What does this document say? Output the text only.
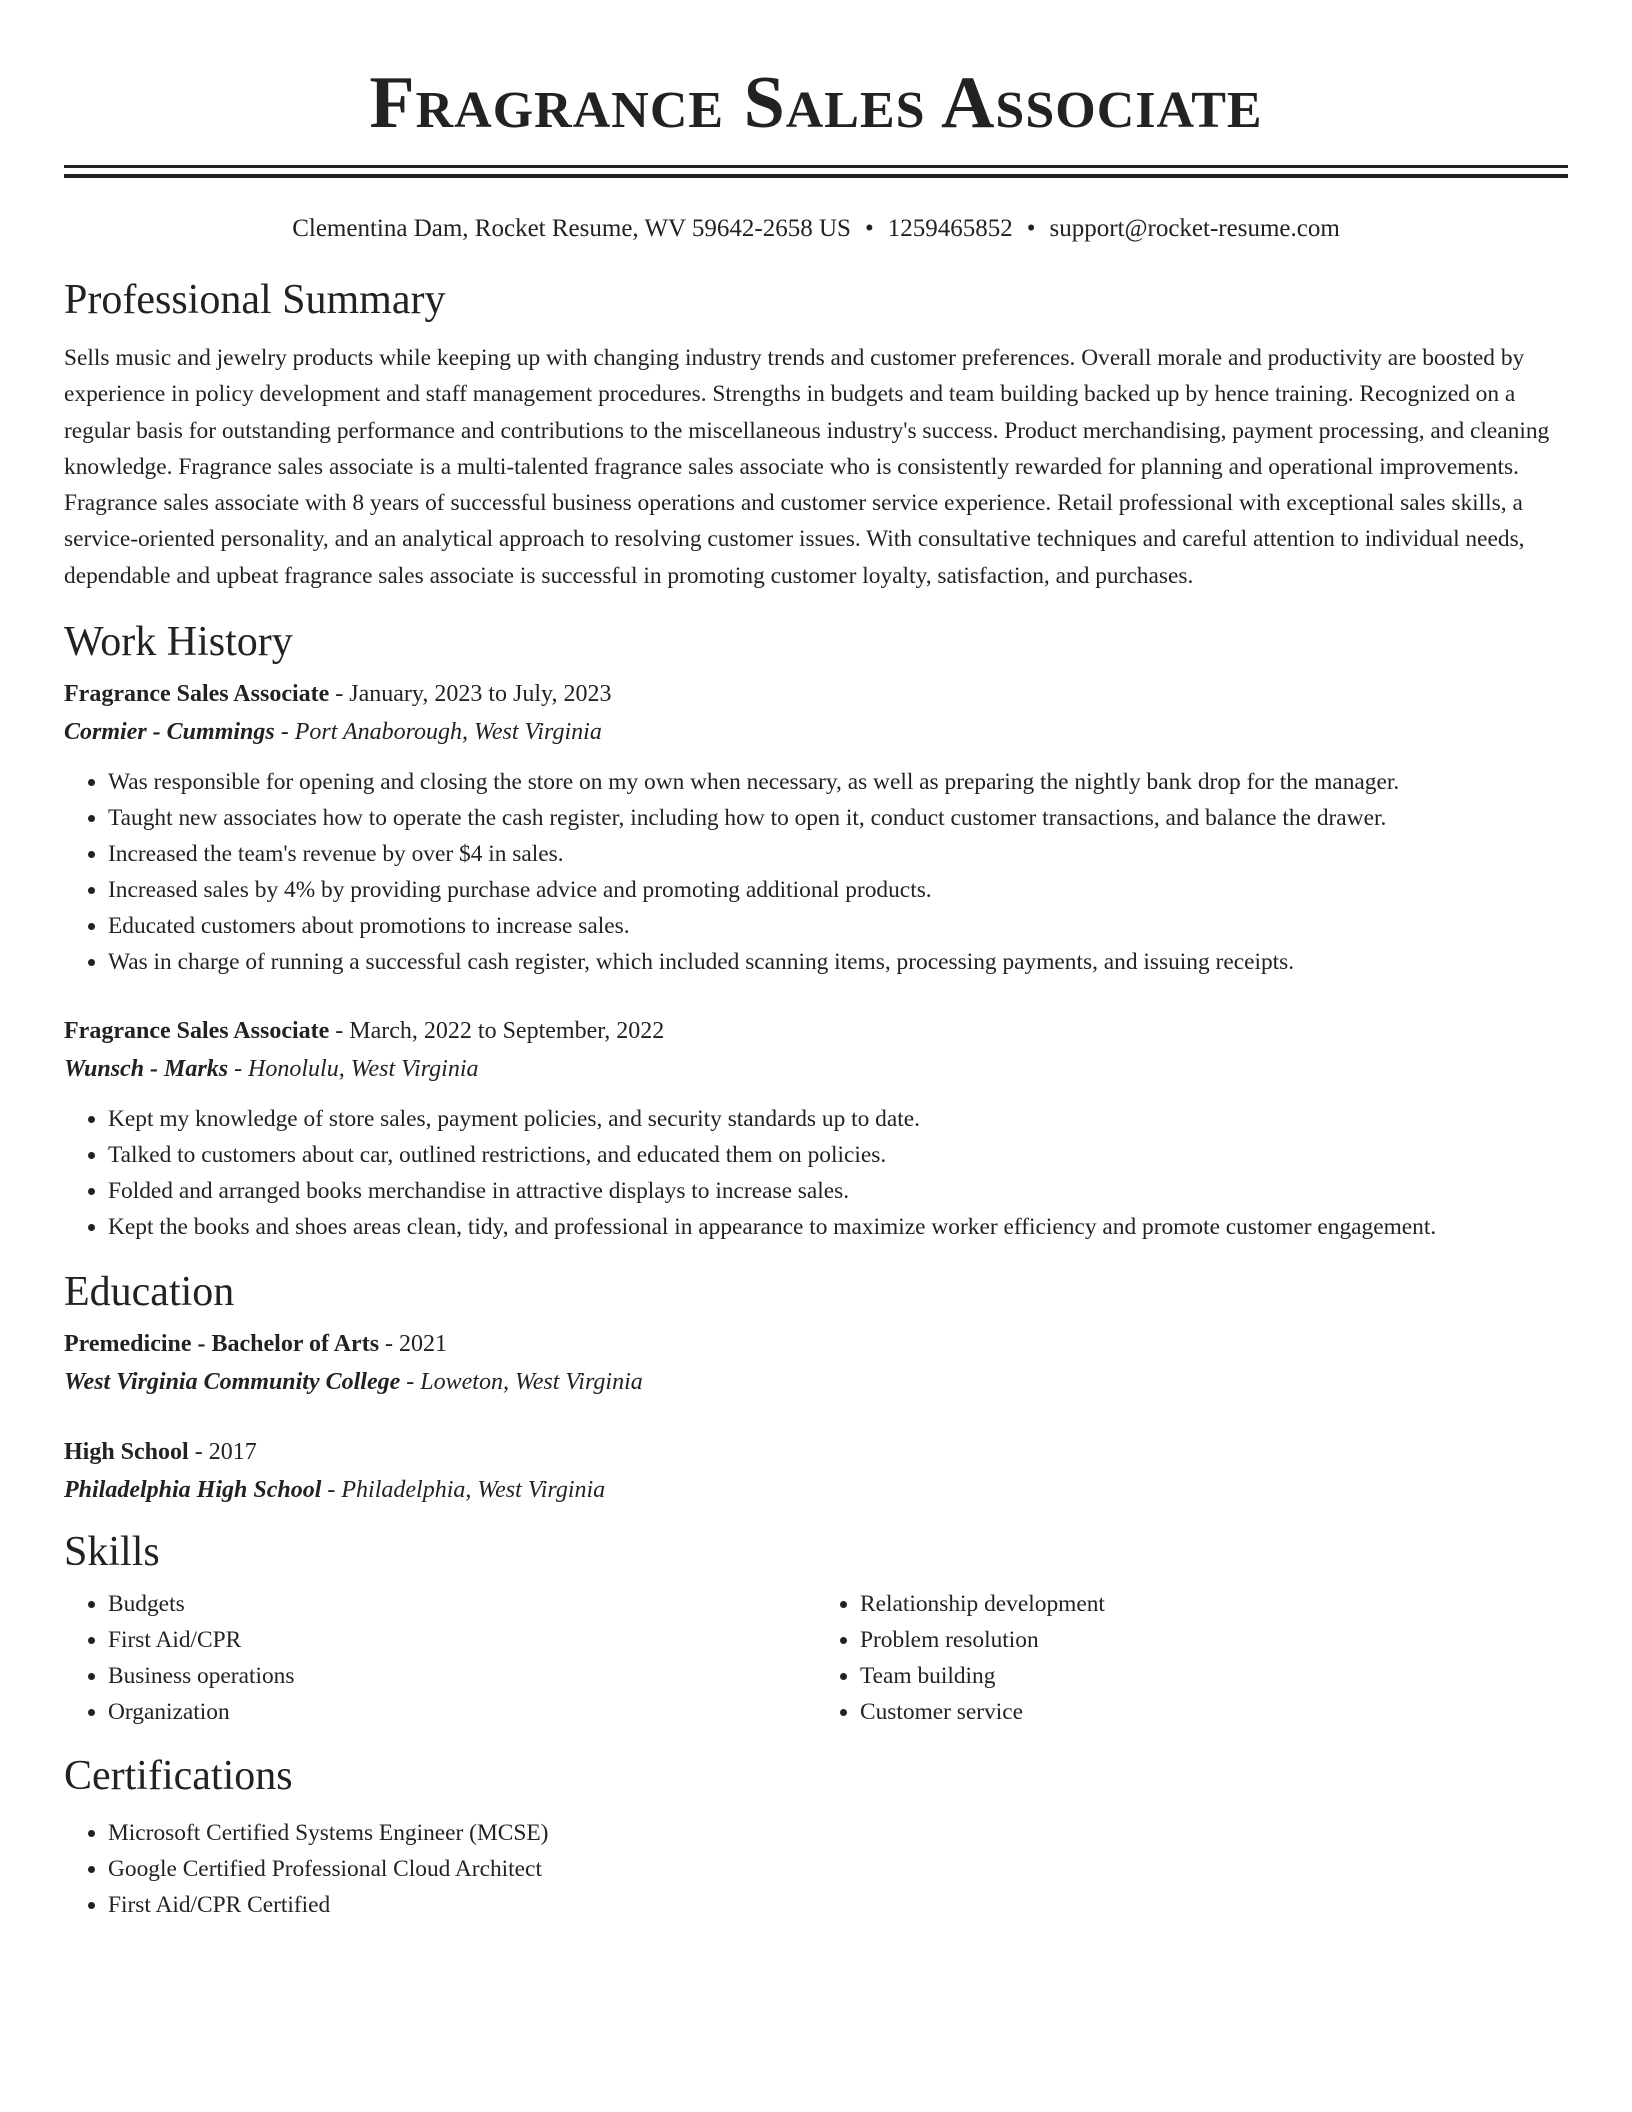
Fragrance Sales Associate
Clementina Dam, Rocket Resume, WV 59642-2658 US • 1259465852 • support@rocket-resume.com
Professional Summary

Sells music and jewelry products while keeping up with changing industry trends and customer preferences. Overall morale and productivity are boosted by experience in policy development and staff management procedures. Strengths in budgets and team building backed up by hence training. Recognized on a regular basis for outstanding performance and contributions to the miscellaneous industry's success. Product merchandising, payment processing, and cleaning knowledge. Fragrance sales associate is a multi-talented fragrance sales associate who is consistently rewarded for planning and operational improvements. Fragrance sales associate with 8 years of successful business operations and customer service experience. Retail professional with exceptional sales skills, a service-oriented personality, and an analytical approach to resolving customer issues. With consultative techniques and careful attention to individual needs, dependable and upbeat fragrance sales associate is successful in promoting customer loyalty, satisfaction, and purchases.

Work History
Fragrance Sales Associate - January, 2023 to July, 2023
Cormier - Cummings - Port Anaborough, West Virginia
• Was responsible for opening and closing the store on my own when necessary, as well as preparing the nightly bank drop for the manager.
• Taught new associates how to operate the cash register, including how to open it, conduct customer transactions, and balance the drawer.
• Increased the team's revenue by over $4 in sales.
• Increased sales by 4% by providing purchase advice and promoting additional products.
• Educated customers about promotions to increase sales.
• Was in charge of running a successful cash register, which included scanning items, processing payments, and issuing receipts.
Fragrance Sales Associate - March, 2022 to September, 2022
Wunsch - Marks - Honolulu, West Virginia
• Kept my knowledge of store sales, payment policies, and security standards up to date.
• Talked to customers about car, outlined restrictions, and educated them on policies.
• Folded and arranged books merchandise in attractive displays to increase sales.
• Kept the books and shoes areas clean, tidy, and professional in appearance to maximize worker efficiency and promote customer engagement.
Education
Premedicine - Bachelor of Arts - 2021
West Virginia Community College - Loweton, West Virginia
High School - 2017
Philadelphia High School - Philadelphia, West Virginia
Skills
• Budgets
• First Aid/CPR
• Business operations
• Organization
• Relationship development
• Problem resolution
• Team building
• Customer service
Certifications
• Microsoft Certified Systems Engineer (MCSE)
• Google Certified Professional Cloud Architect
• First Aid/CPR Certified
